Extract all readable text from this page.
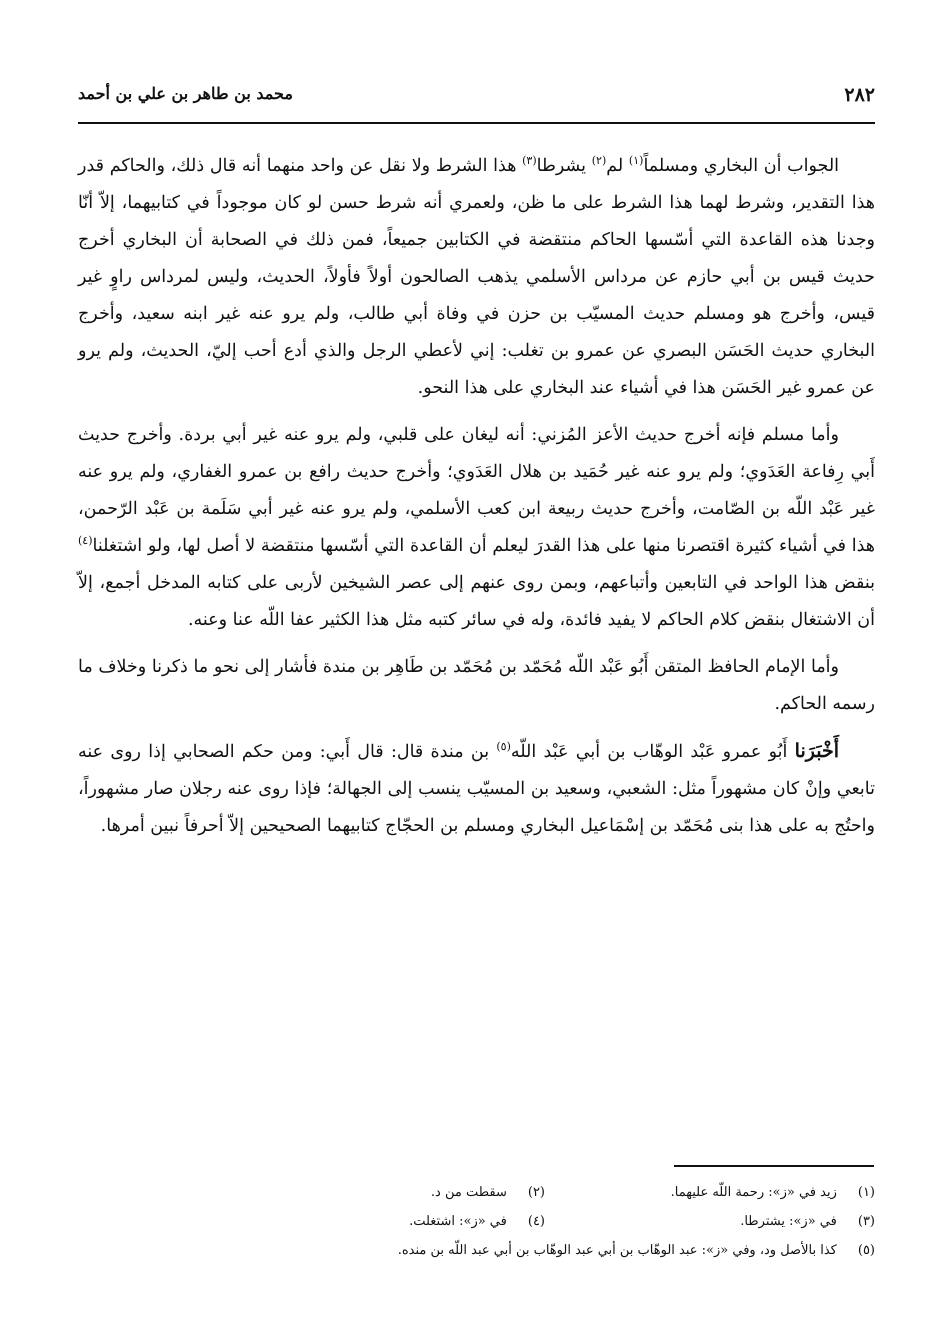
٢٨٢
محمد بن طاهر بن علي بن أحمد

الجواب أن البخاري ومسلماً$^{(١)}$ لم$^{(٢)}$ يشرطا$^{(٣)}$ هذا الشرط ولا نقل عن واحد منهما أنه قال ذلك، والحاكم قدر هذا التقدير، وشرط لهما هذا الشرط على ما ظن، ولعمري أنه شرط حسن لو كان موجوداً في كتابيهما، إلاّ أنّا وجدنا هذه القاعدة التي أسّسها الحاكم منتقضة في الكتابين جميعاً، فمن ذلك في الصحابة أن البخاري أخرج حديث قيس بن أبي حازم عن مرداس الأسلمي يذهب الصالحون أولاً فأولاً، الحديث، وليس لمرداس راوٍ غير قيس، وأخرج هو ومسلم حديث المسيّب بن حزن في وفاة أبي طالب، ولم يرو عنه غير ابنه سعيد، وأخرج البخاري حديث الحَسَن البصري عن عمرو بن تغلب: إني لأعطي الرجل والذي أدع أحب إليّ، الحديث، ولم يرو عن عمرو غير الحَسَن هذا في أشياء عند البخاري على هذا النحو.

وأما مسلم فإنه أخرج حديث الأعز المُزني: أنه ليغان على قلبي، ولم يرو عنه غير أبي بردة. وأخرج حديث أَبي رِفاعة العَدَوي؛ ولم يرو عنه غير حُمَيد بن هلال العَدَوي؛ وأخرج حديث رافع بن عمرو الغفاري، ولم يرو عنه غير عَبْد اللّه بن الصّامت، وأخرج حديث ربيعة ابن كعب الأسلمي، ولم يرو عنه غير أبي سَلَمة بن عَبْد الرّحمن، هذا في أشياء كثيرة اقتصرنا منها على هذا القدرَ ليعلم أن القاعدة التي أسّسها منتقضة لا أصل لها، ولو اشتغلنا$^{(٤)}$ بنقض هذا الواحد في التابعين وأتباعهم، وبمن روى عنهم إلى عصر الشيخين لأربى على كتابه المدخل أجمع، إلاّ أن الاشتغال بنقض كلام الحاكم لا يفيد فائدة، وله في سائر كتبه مثل هذا الكثير عفا اللّه عنا وعنه.

وأما الإمام الحافظ المتقن أَبُو عَبْد اللّه مُحَمّد بن مُحَمّد بن طَاهِر بن مندة فأشار إلى نحو ما ذكرنا وخلاف ما رسمه الحاكم.

أَخْبَرَنا أَبُو عمرو عَبْد الوهّاب بن أبي عَبْد اللّه$^{(٥)}$ بن مندة قال: قال أَبي: ومن حكم الصحابي إذا روى عنه تابعي وإنْ كان مشهوراً مثل: الشعبي، وسعيد بن المسيّب ينسب إلى الجهالة؛ فإذا روى عنه رجلان صار مشهوراً، واحتُج به على هذا بنى مُحَمّد بن إسْمَاعيل البخاري ومسلم بن الحجّاج كتابيهما الصحيحين إلاّ أحرفاً نبين أمرها.

(١) زيد في «ز»: رحمة اللّه عليهما.
(٢) سقطت من د.
(٣) في «ز»: يشترطا.
(٤) في «ز»: اشتغلت.
(٥) كذا بالأصل ود، وفي «ز»: عبد الوهّاب بن أبي عبد الوهّاب بن أبي عبد اللّه بن منده.
